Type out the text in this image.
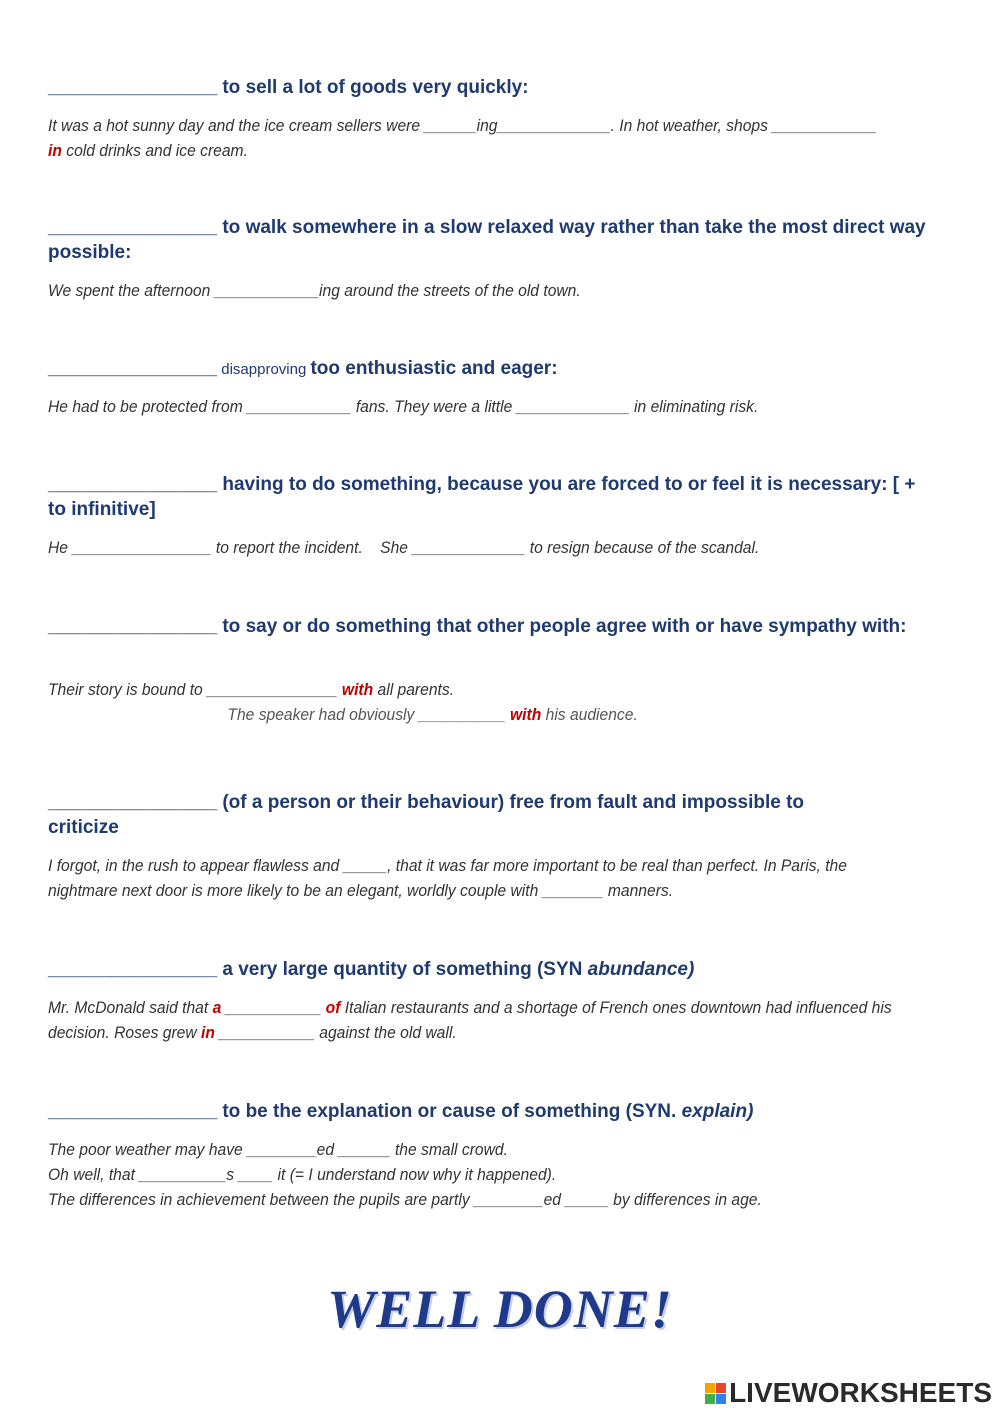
________________ to sell a lot of goods very quickly:
It was a hot sunny day and the ice cream sellers were ______ing_____________. In hot weather, shops ____________
in cold drinks and ice cream.
________________ to walk somewhere in a slow relaxed way rather than take the most direct way possible:
We spent the afternoon ____________ing around the streets of the old town.
________________ disapproving too enthusiastic and eager:
He had to be protected from ____________ fans. They were a little _____________ in eliminating risk.
________________ having to do something, because you are forced to or feel it is necessary: [ + to infinitive]
He ________________ to report the incident.    She _____________ to resign because of the scandal.
________________ to say or do something that other people agree with or have sympathy with:
Their story is bound to _______________ with all parents.
The speaker had obviously __________ with his audience.
________________ (of a person or their behaviour) free from fault and impossible to criticize
I forgot, in the rush to appear flawless and _____, that it was far more important to be real than perfect. In Paris, the nightmare next door is more likely to be an elegant, worldly couple with _______ manners.
________________ a very large quantity of something (SYN abundance)
Mr. McDonald said that a ___________ of Italian restaurants and a shortage of French ones downtown had influenced his decision. Roses grew in ___________ against the old wall.
________________ to be the explanation or cause of something (SYN. explain)
The poor weather may have ________ed ______ the small crowd.
Oh well, that __________s ____ it (= I understand now why it happened).
The differences in achievement between the pupils are partly ________ed _____ by differences in age.
WELL DONE!
LIVEWORKSHEETS
